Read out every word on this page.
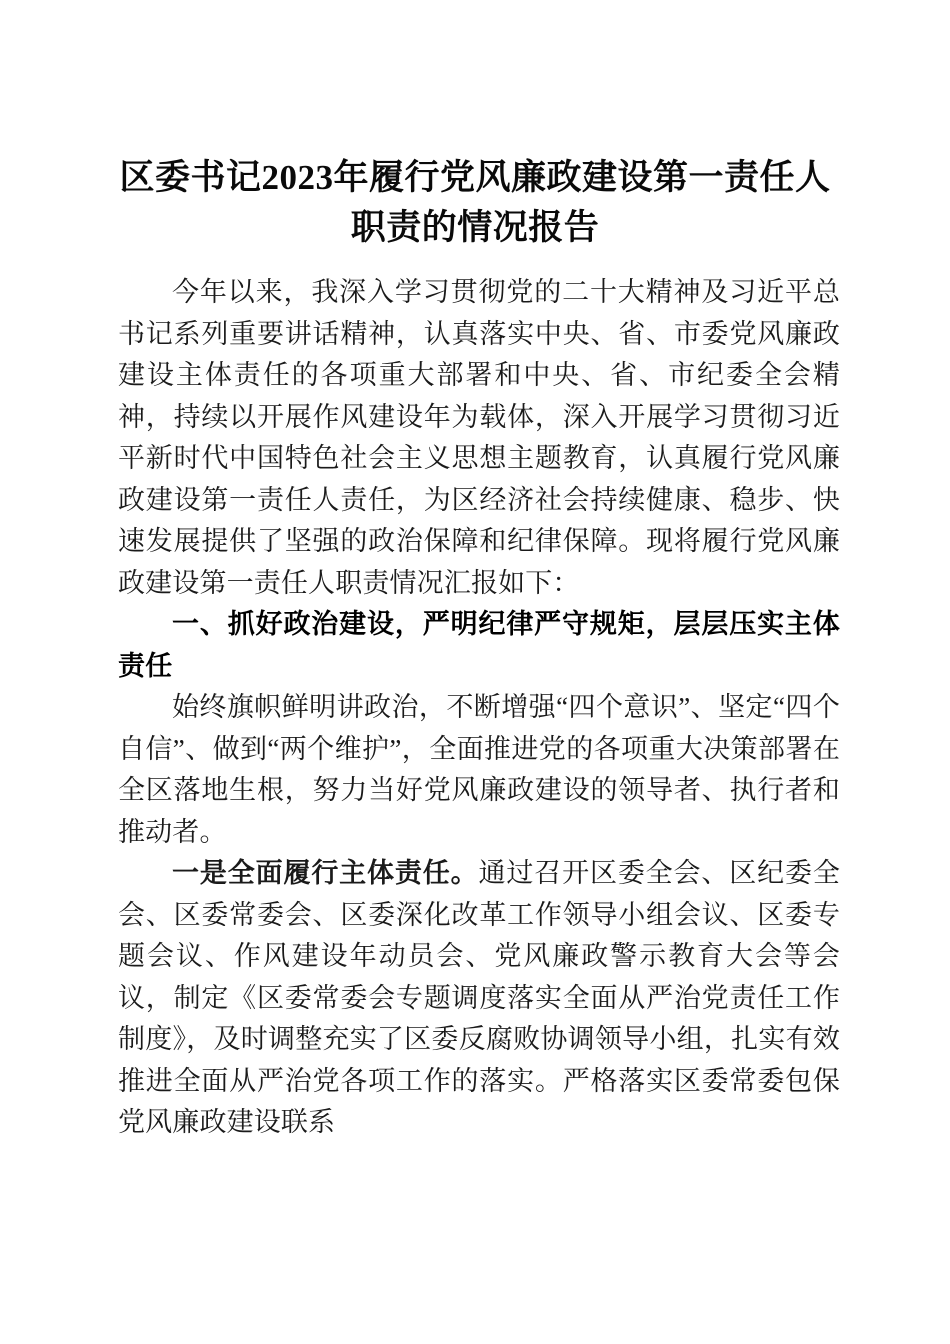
区委书记2023年履行党风廉政建设第一责任人职责的情况报告

今年以来，我深入学习贯彻党的二十大精神及习近平总书记系列重要讲话精神，认真落实中央、省、市委党风廉政建设主体责任的各项重大部署和中央、省、市纪委全会精神，持续以开展作风建设年为载体，深入开展学习贯彻习近平新时代中国特色社会主义思想主题教育，认真履行党风廉政建设第一责任人责任，为区经济社会持续健康、稳步、快速发展提供了坚强的政治保障和纪律保障。现将履行党风廉政建设第一责任人职责情况汇报如下：

一、抓好政治建设，严明纪律严守规矩，层层压实主体责任

始终旗帜鲜明讲政治，不断增强“四个意识”、坚定“四个自信”、做到“两个维护”，全面推进党的各项重大决策部署在全区落地生根，努力当好党风廉政建设的领导者、执行者和推动者。

一是全面履行主体责任。通过召开区委全会、区纪委全会、区委常委会、区委深化改革工作领导小组会议、区委专题会议、作风建设年动员会、党风廉政警示教育大会等会议，制定《区委常委会专题调度落实全面从严治党责任工作制度》，及时调整充实了区委反腐败协调领导小组，扎实有效推进全面从严治党各项工作的落实。严格落实区委常委包保党风廉政建设联系
